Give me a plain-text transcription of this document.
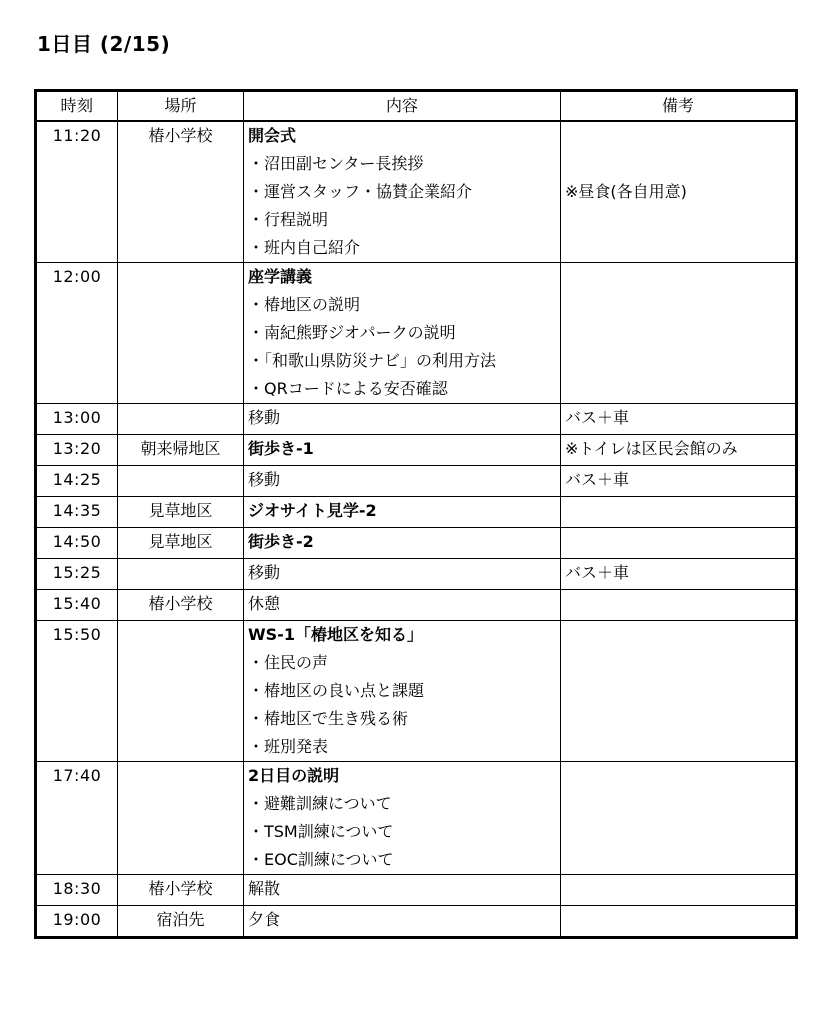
1日目 (2/15)
時刻	場所	内容	備考
11:20	椿小学校	開会式
・沼田副センター長挨拶
・運営スタッフ・協賛企業紹介
・行程説明
・班内自己紹介	※昼食(各自用意)

12:00		座学講義
・椿地区の説明
・南紀熊野ジオパークの説明
・「和歌山県防災ナビ」の利用方法
・QRコードによる安否確認	

13:00		移動	バス＋車
13:20	朝来帰地区	街歩き-1	※トイレは区民会館のみ
14:25		移動	バス＋車
14:35	見草地区	ジオサイト見学-2	

14:50	見草地区	街歩き-2	

15:25		移動	バス＋車
15:40	椿小学校	休憩	

15:50		WS-1「椿地区を知る」
・住民の声
・椿地区の良い点と課題
・椿地区で生き残る術
・班別発表	

17:40		2日目の説明
・避難訓練について
・TSM訓練について
・EOC訓練について	

18:30	椿小学校	解散	

19:00	宿泊先	夕食	
